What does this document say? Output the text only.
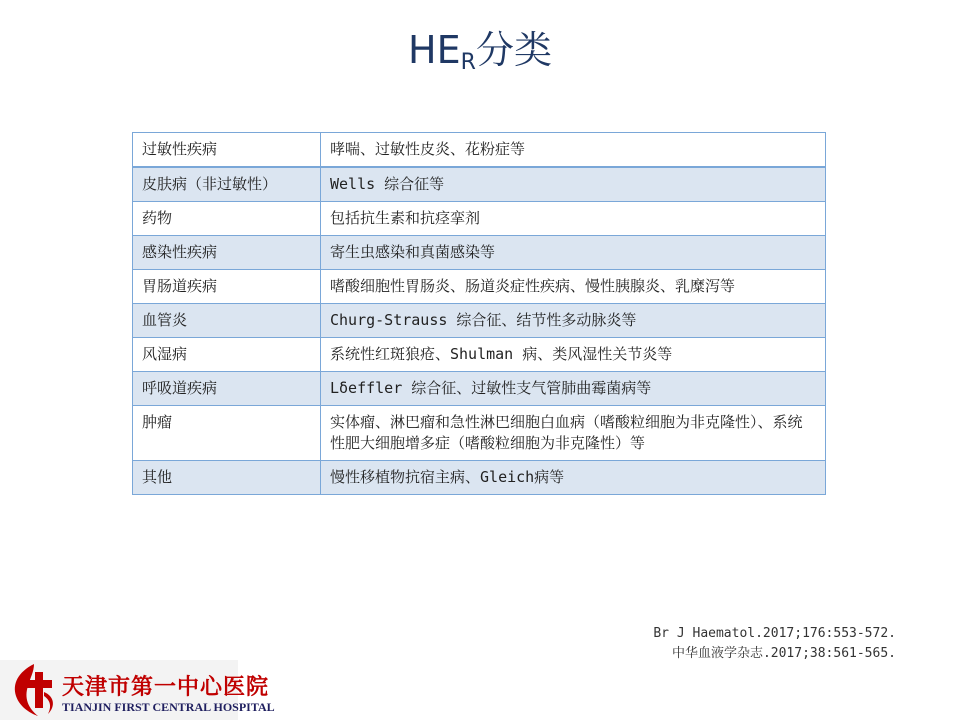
$HE_R$分类
过敏性疾病	哮喘、过敏性皮炎、花粉症等
皮肤病（非过敏性）	Wells 综合征等
药物	包括抗生素和抗痉挛剂
感染性疾病	寄生虫感染和真菌感染等
胃肠道疾病	嗜酸细胞性胃肠炎、肠道炎症性疾病、慢性胰腺炎、乳糜泻等
血管炎	Churg-Strauss 综合征、结节性多动脉炎等
风湿病	系统性红斑狼疮、Shulman 病、类风湿性关节炎等
呼吸道疾病	Lδeffler 综合征、过敏性支气管肺曲霉菌病等
肿瘤	实体瘤、淋巴瘤和急性淋巴细胞白血病（嗜酸粒细胞为非克隆性）、系统性肥大细胞增多症（嗜酸粒细胞为非克隆性）等
其他	慢性移植物抗宿主病、Gleich病等
Br J Haematol.2017;176:553-572.
中华血液学杂志.2017;38:561-565.
天津市第一中心医院
TIANJIN FIRST CENTRAL HOSPITAL
